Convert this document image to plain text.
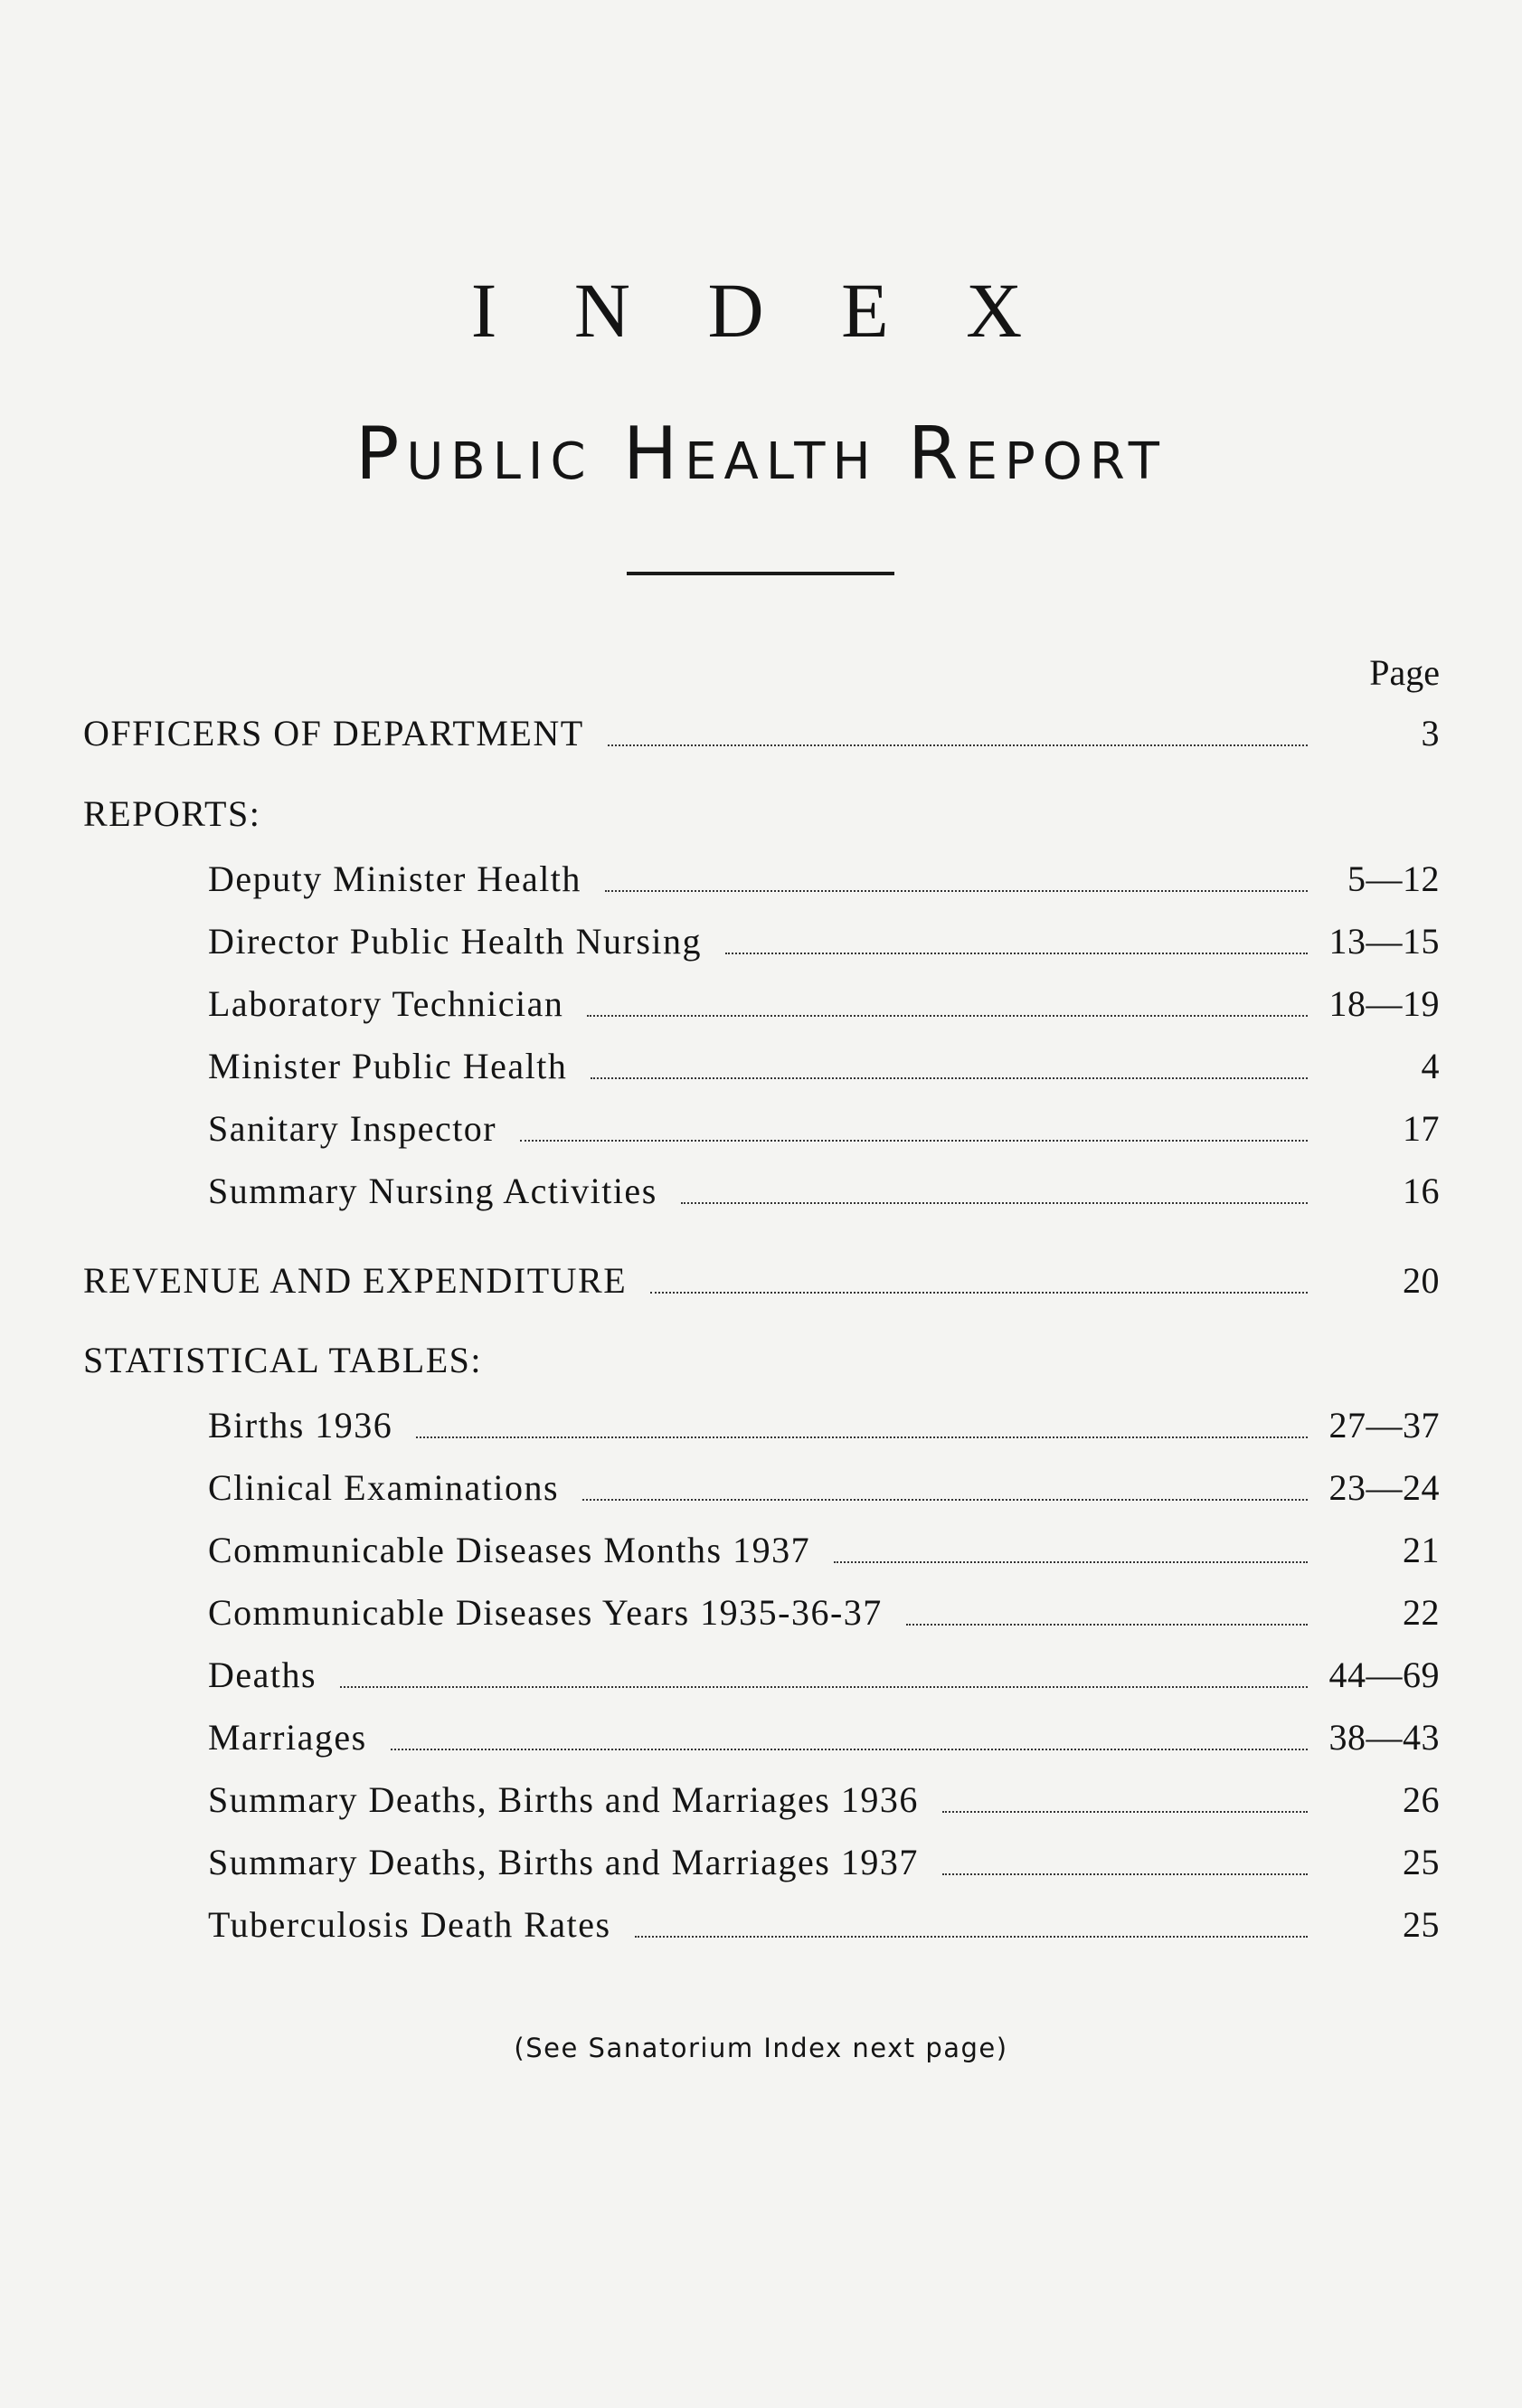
I N D E X
Public Health Report
Page
OFFICERS OF DEPARTMENT	3
REPORTS:
Deputy Minister Health	5—12
Director Public Health Nursing	13—15
Laboratory Technician	18—19
Minister Public Health	4
Sanitary Inspector	17
Summary Nursing Activities	16
REVENUE AND EXPENDITURE	20
STATISTICAL TABLES:
Births 1936	27—37
Clinical Examinations	23—24
Communicable Diseases Months 1937	21
Communicable Diseases Years 1935-36-37	22
Deaths	44—69
Marriages	38—43
Summary Deaths, Births and Marriages 1936	26
Summary Deaths, Births and Marriages 1937	25
Tuberculosis Death Rates	25
(See Sanatorium Index next page)
